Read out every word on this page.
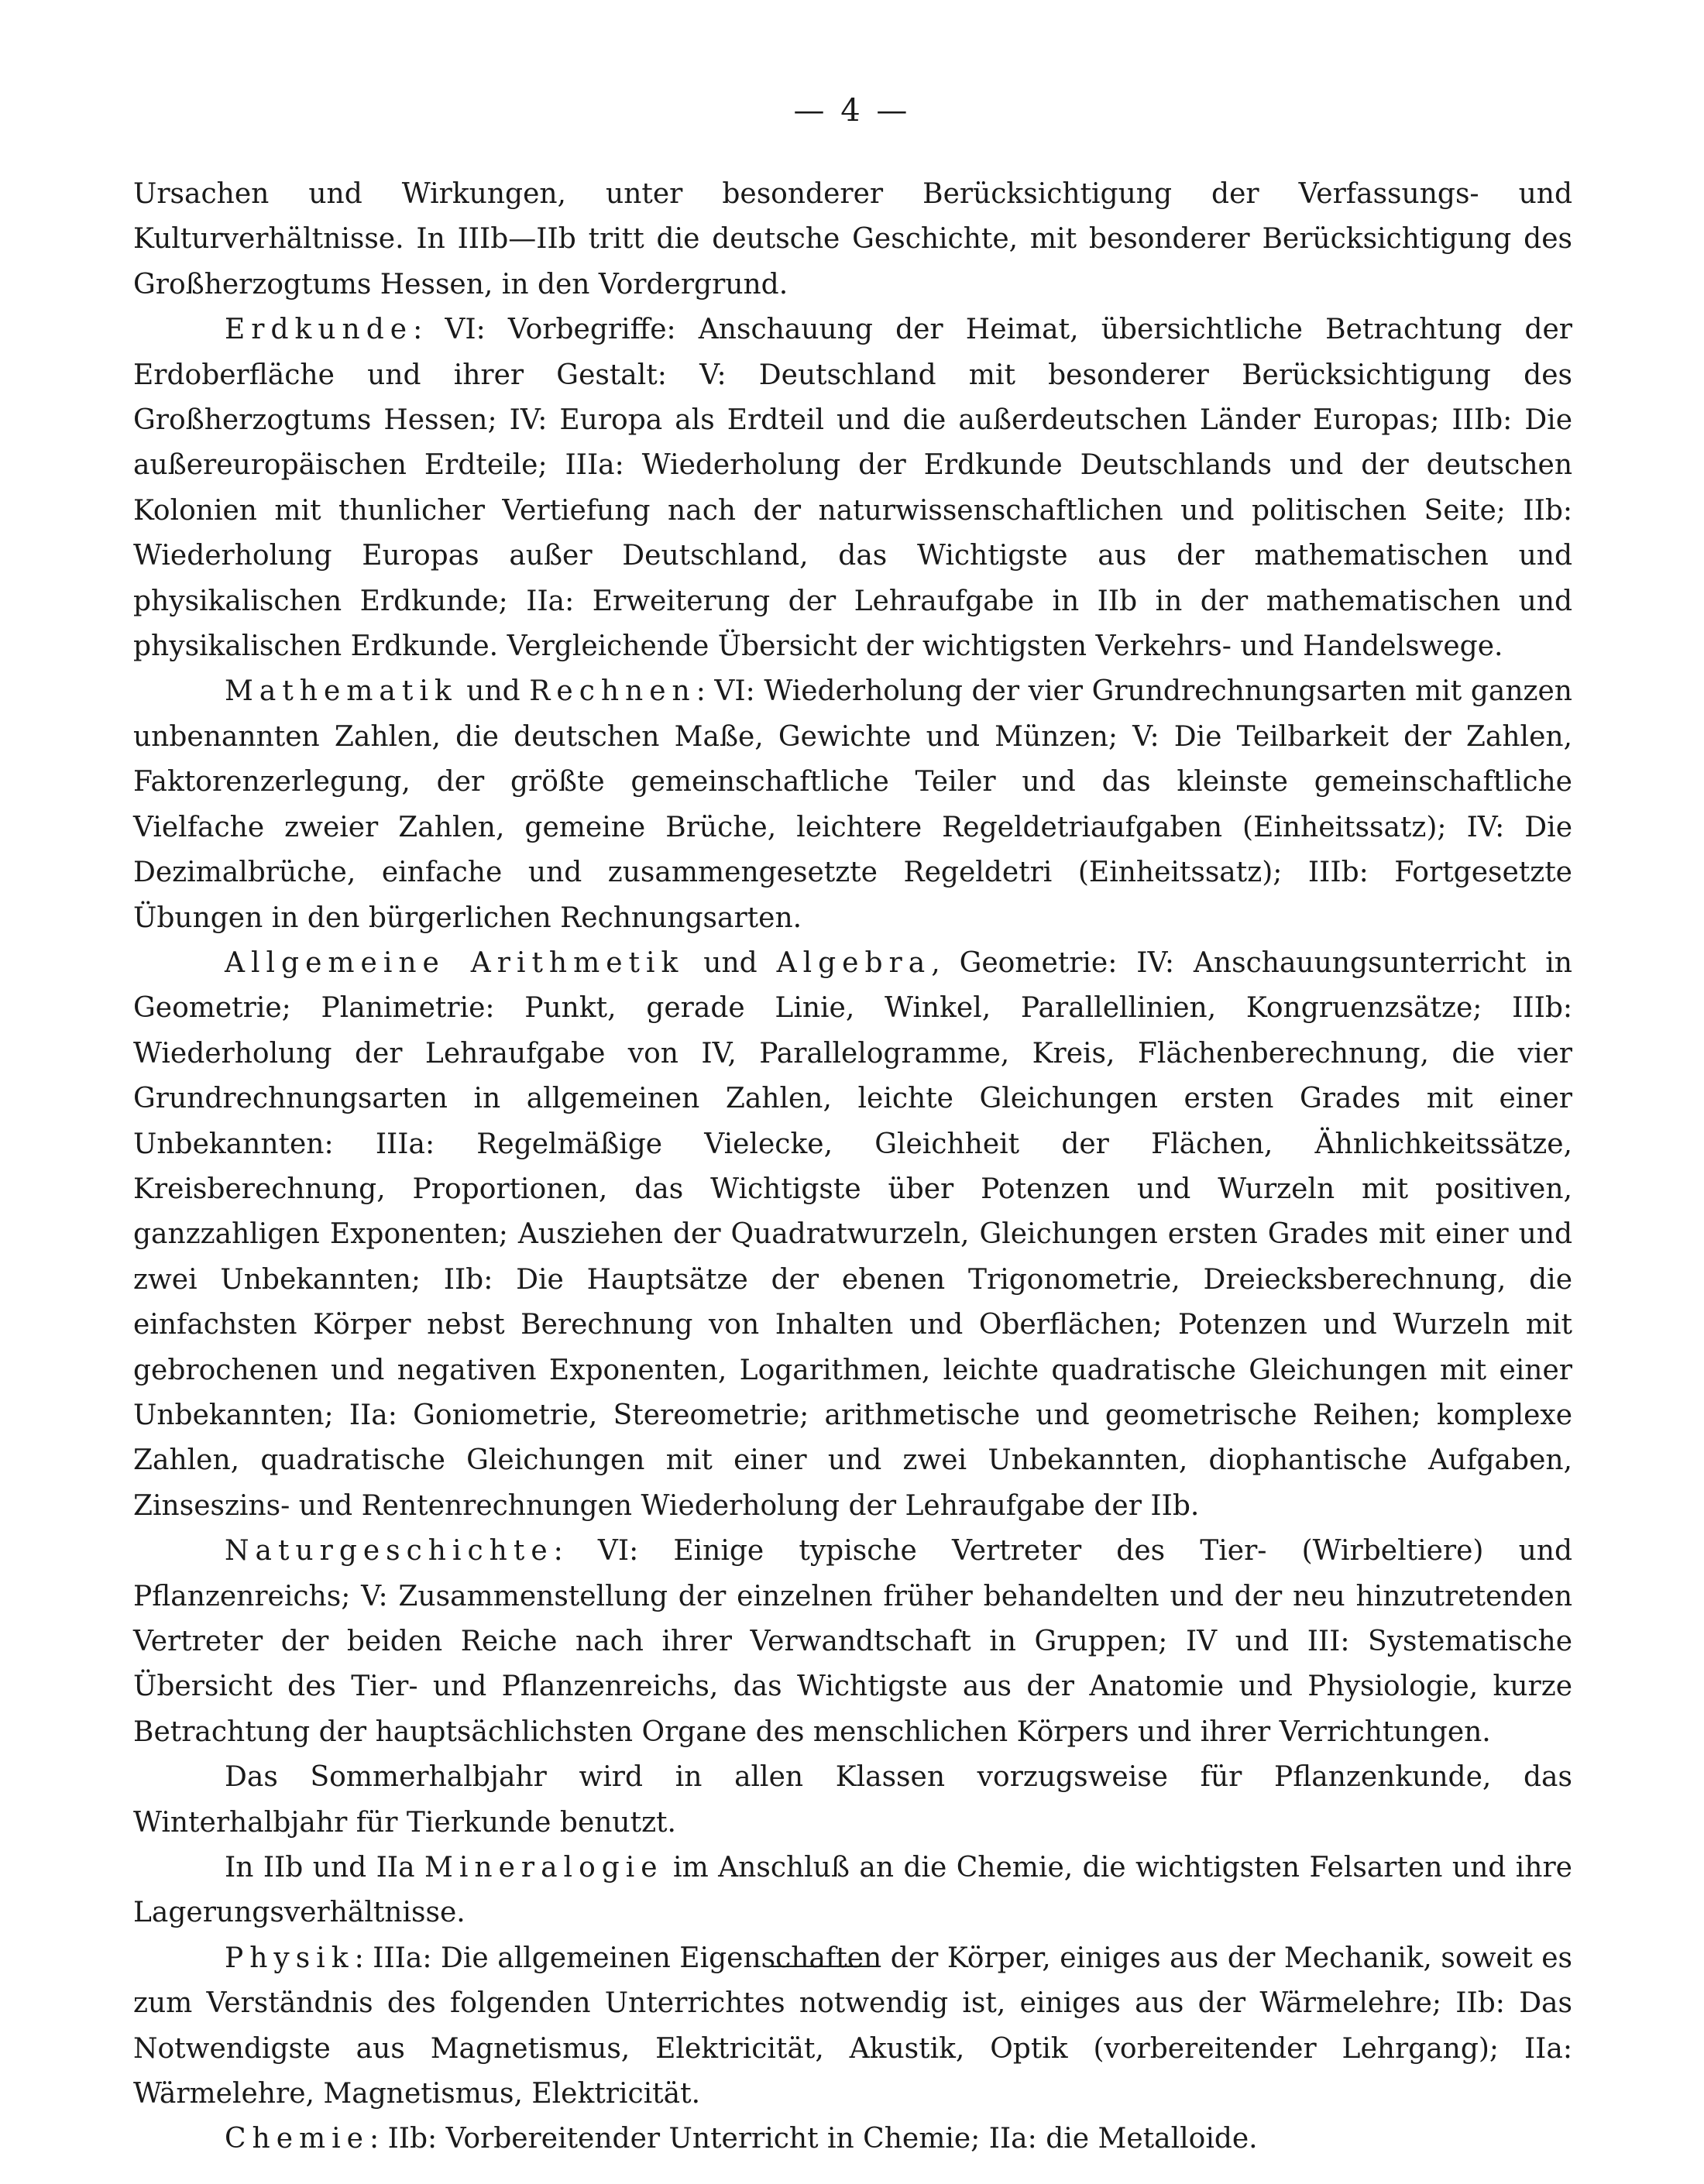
— 4 —

Ursachen und Wirkungen, unter besonderer Berücksichtigung der Verfassungs- und Kulturverhältnisse. In IIIb—IIb tritt die deutsche Geschichte, mit besonderer Berücksichtigung des Großherzogtums Hessen, in den Vordergrund.

Erdkunde: VI: Vorbegriffe: Anschauung der Heimat, übersichtliche Betrachtung der Erdoberfläche und ihrer Gestalt: V: Deutschland mit besonderer Berücksichtigung des Großherzogtums Hessen; IV: Europa als Erdteil und die außerdeutschen Länder Europas; IIIb: Die außereuropäischen Erdteile; IIIa: Wiederholung der Erdkunde Deutschlands und der deutschen Kolonien mit thunlicher Vertiefung nach der naturwissenschaftlichen und politischen Seite; IIb: Wiederholung Europas außer Deutschland, das Wichtigste aus der mathematischen und physikalischen Erdkunde; IIa: Erweiterung der Lehraufgabe in IIb in der mathematischen und physikalischen Erdkunde. Vergleichende Übersicht der wichtigsten Verkehrs- und Handelswege.

Mathematik und Rechnen: VI: Wiederholung der vier Grundrechnungsarten mit ganzen unbenannten Zahlen, die deutschen Maße, Gewichte und Münzen; V: Die Teilbarkeit der Zahlen, Faktorenzerlegung, der größte gemeinschaftliche Teiler und das kleinste gemeinschaftliche Vielfache zweier Zahlen, gemeine Brüche, leichtere Regeldetriaufgaben (Einheitssatz); IV: Die Dezimalbrüche, einfache und zusammengesetzte Regeldetri (Einheitssatz); IIIb: Fortgesetzte Übungen in den bürgerlichen Rechnungsarten.

Allgemeine Arithmetik und Algebra, Geometrie: IV: Anschauungsunterricht in Geometrie; Planimetrie: Punkt, gerade Linie, Winkel, Parallellinien, Kongruenzsätze; IIIb: Wiederholung der Lehraufgabe von IV, Parallelogramme, Kreis, Flächenberechnung, die vier Grundrechnungsarten in allgemeinen Zahlen, leichte Gleichungen ersten Grades mit einer Unbekannten: IIIa: Regelmäßige Vielecke, Gleichheit der Flächen, Ähnlichkeitssätze, Kreisberechnung, Proportionen, das Wichtigste über Potenzen und Wurzeln mit positiven, ganzzahligen Exponenten; Ausziehen der Quadratwurzeln, Gleichungen ersten Grades mit einer und zwei Unbekannten; IIb: Die Hauptsätze der ebenen Trigonometrie, Dreiecksberechnung, die einfachsten Körper nebst Berechnung von Inhalten und Oberflächen; Potenzen und Wurzeln mit gebrochenen und negativen Exponenten, Logarithmen, leichte quadratische Gleichungen mit einer Unbekannten; IIa: Goniometrie, Stereometrie; arithmetische und geometrische Reihen; komplexe Zahlen, quadratische Gleichungen mit einer und zwei Unbekannten, diophantische Aufgaben, Zinseszins- und Rentenrechnungen Wiederholung der Lehraufgabe der IIb.

Naturgeschichte: VI: Einige typische Vertreter des Tier- (Wirbeltiere) und Pflanzenreichs; V: Zusammenstellung der einzelnen früher behandelten und der neu hinzutretenden Vertreter der beiden Reiche nach ihrer Verwandtschaft in Gruppen; IV und III: Systematische Übersicht des Tier- und Pflanzenreichs, das Wichtigste aus der Anatomie und Physiologie, kurze Betrachtung der hauptsächlichsten Organe des menschlichen Körpers und ihrer Verrichtungen.

Das Sommerhalbjahr wird in allen Klassen vorzugsweise für Pflanzenkunde, das Winterhalbjahr für Tierkunde benutzt.

In IIb und IIa Mineralogie im Anschluß an die Chemie, die wichtigsten Felsarten und ihre Lagerungsverhältnisse.

Physik: IIIa: Die allgemeinen Eigenschaften der Körper, einiges aus der Mechanik, soweit es zum Verständnis des folgenden Unterrichtes notwendig ist, einiges aus der Wärmelehre; IIb: Das Notwendigste aus Magnetismus, Elektricität, Akustik, Optik (vorbereitender Lehrgang); IIa: Wärmelehre, Magnetismus, Elektricität.

Chemie: IIb: Vorbereitender Unterricht in Chemie; IIa: die Metalloide.
